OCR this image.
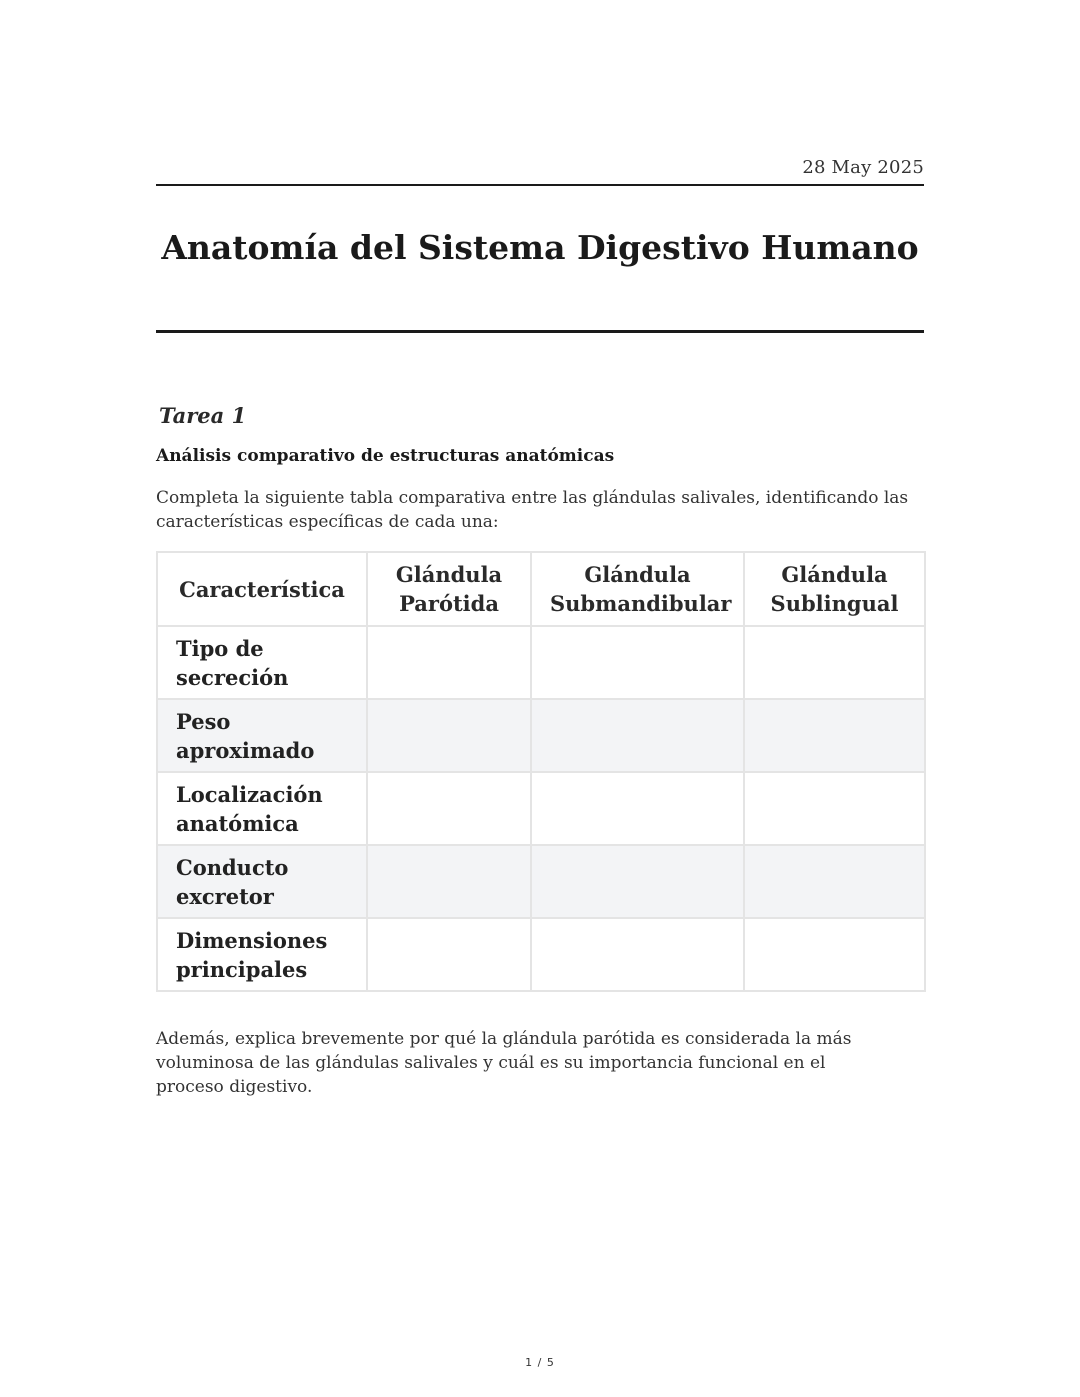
28 May 2025
Anatomía del Sistema Digestivo Humano
Tarea 1
Análisis comparativo de estructuras anatómicas

Completa la siguiente tabla comparativa entre las glándulas salivales, identificando las características específicas de cada una:

Característica	Glándula Parótida	Glándula Submandibular	Glándula Sublingual
Tipo de secreción			
Peso aproximado			
Localización anatómica			
Conducto excretor			
Dimensiones principales			

Además, explica brevemente por qué la glándula parótida es considerada la más voluminosa de las glándulas salivales y cuál es su importancia funcional en el proceso digestivo.

1 / 5
